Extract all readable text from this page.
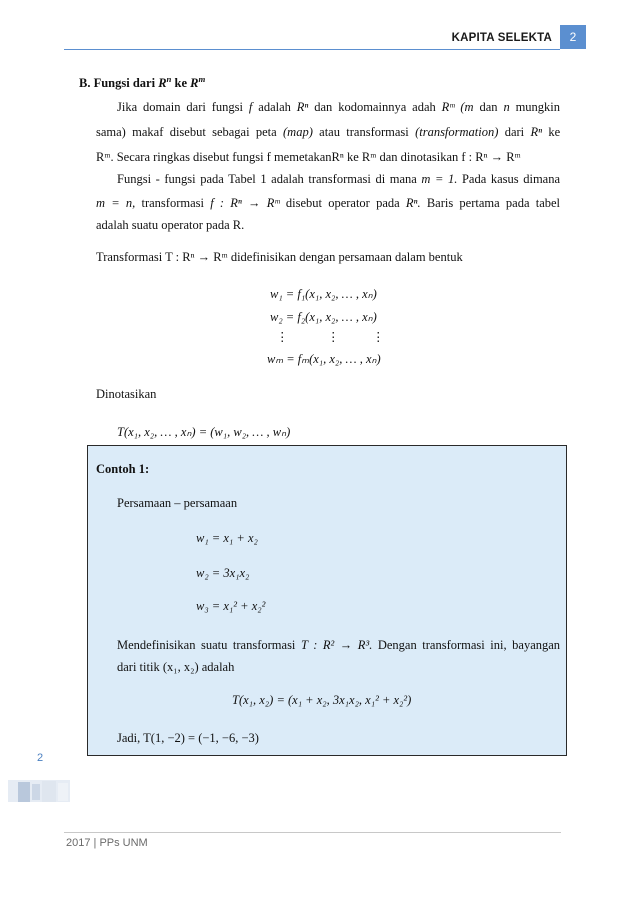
KAPITA SELEKTA	2
B. Fungsi dari $R^n$ ke $R^m$
Jika domain dari fungsi f adalah Rⁿ dan kodomainnya adah Rᵐ (m dan n mungkin
sama) makaf disebut sebagai peta (map) atau transformasi (transformation) dari Rⁿ ke
Rᵐ. Secara ringkas disebut fungsi f memetakanRⁿ ke Rᵐ dan dinotasikan f : Rⁿ → Rᵐ
Fungsi - fungsi pada Tabel 1 adalah transformasi di mana m = 1. Pada kasus dimana
m = n, transformasi f : Rⁿ → Rᵐ disebut operator pada Rⁿ. Baris pertama pada tabel
adalah suatu operator pada R.
Transformasi T : Rⁿ → Rᵐ didefinisikan dengan persamaan dalam bentuk
w₁ = f₁(x₁, x₂, … , xₙ)
w₂ = f₂(x₁, x₂, … , xₙ)
⋮	⋮	⋮
wₘ = fₘ(x₁, x₂, … , xₙ)
Dinotasikan
T(x₁, x₂, … , xₙ) = (w₁, w₂, … , wₙ)
Contoh 1:
Persamaan – persamaan
w₁ = x₁ + x₂
w₂ = 3x₁x₂
w₃ = x₁² + x₂²
Mendefinisikan suatu transformasi T : R² → R³. Dengan transformasi ini, bayangan
dari titik (x₁, x₂) adalah
T(x₁, x₂) = (x₁ + x₂, 3x₁x₂, x₁² + x₂²)
Jadi, T(1, −2) = (−1, −6, −3)
2
2017 | PPs UNM
